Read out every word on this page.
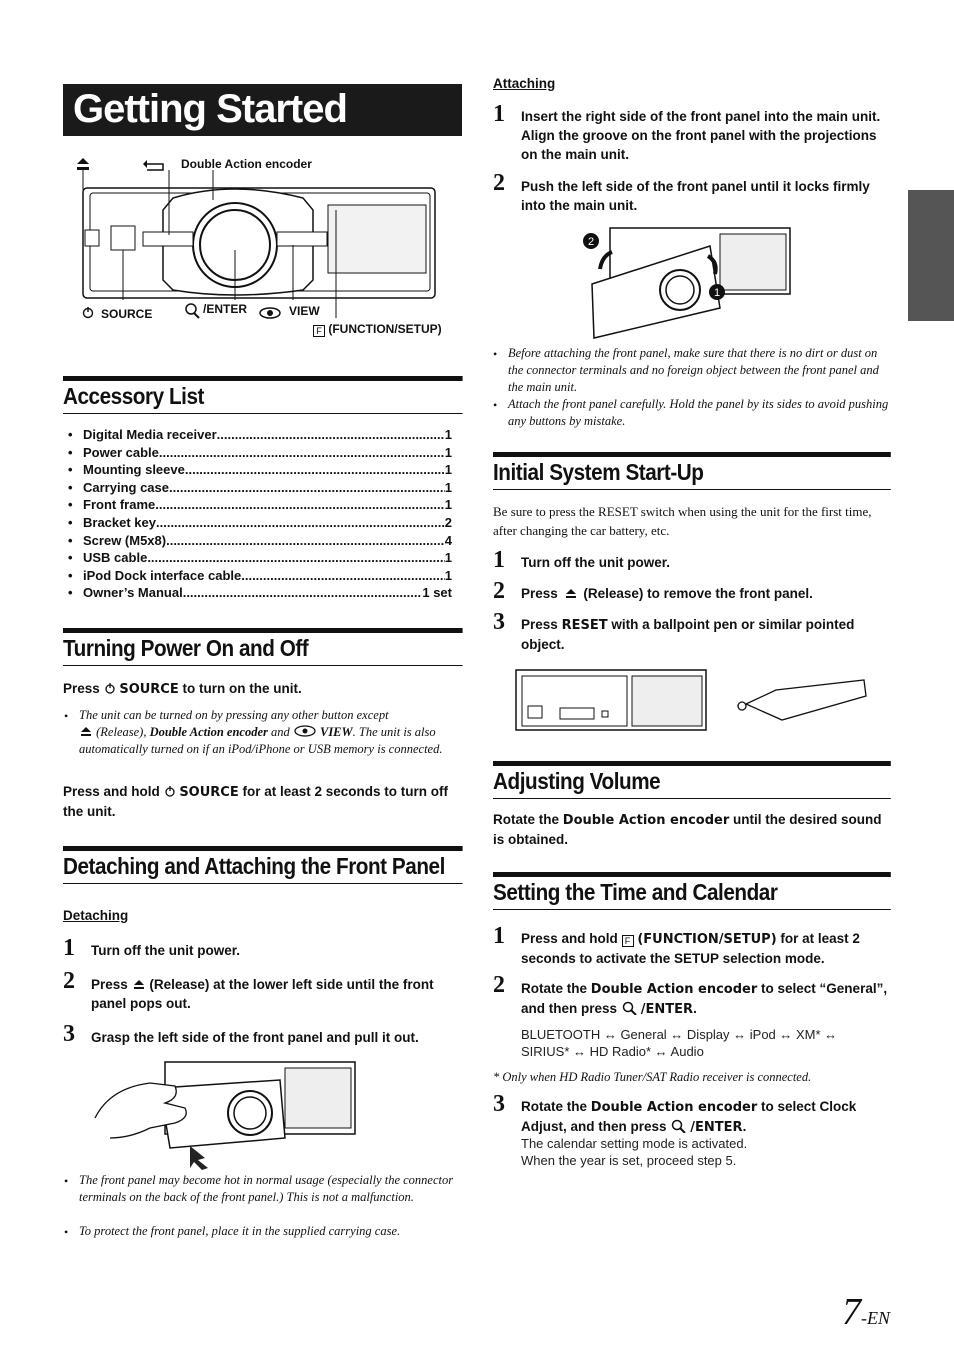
Getting Started
Double Action encoder
SOURCE	/ENTER	VIEW
F (FUNCTION/SETUP)
Accessory List
• Digital Media receiver .....	1
• Power cable .....	1
• Mounting sleeve .....	1
• Carrying case .....	1
• Front frame .....	1
• Bracket key .....	2
• Screw (M5x8) .....	4
• USB cable .....	1
• iPod Dock interface cable .....	1
• Owner’s Manual .....	1 set
Turning Power On and Off
Press SOURCE to turn on the unit.
• The unit can be turned on by pressing any other button except
(Release), Double Action encoder and VIEW. The unit is also automatically turned on if an iPod/iPhone or USB memory is connected.
Press and hold SOURCE for at least 2 seconds to turn off the unit.
Detaching and Attaching the Front Panel
Detaching
1 Turn off the unit power.
2 Press (Release) at the lower left side until the front panel pops out.
3 Grasp the left side of the front panel and pull it out.
• The front panel may become hot in normal usage (especially the connector terminals on the back of the front panel.) This is not a malfunction.
• To protect the front panel, place it in the supplied carrying case.
Attaching
1 Insert the right side of the front panel into the main unit. Align the groove on the front panel with the projections on the main unit.
2 Push the left side of the front panel until it locks firmly into the main unit.
2
1
• Before attaching the front panel, make sure that there is no dirt or dust on the connector terminals and no foreign object between the front panel and the main unit.
• Attach the front panel carefully. Hold the panel by its sides to avoid pushing any buttons by mistake.
Initial System Start-Up
Be sure to press the RESET switch when using the unit for the first time, after changing the car battery, etc.
1 Turn off the unit power.
2 Press (Release) to remove the front panel.
3 Press RESET with a ballpoint pen or similar pointed object.
Adjusting Volume
Rotate the Double Action encoder until the desired sound is obtained.
Setting the Time and Calendar
1 Press and hold F (FUNCTION/SETUP) for at least 2 seconds to activate the SETUP selection mode.
2 Rotate the Double Action encoder to select “General”, and then press /ENTER.
BLUETOOTH ↔ General ↔ Display ↔ iPod ↔ XM* ↔
SIRIUS* ↔ HD Radio* ↔ Audio
* Only when HD Radio Tuner/SAT Radio receiver is connected.
3 Rotate the Double Action encoder to select Clock Adjust, and then press /ENTER.
The calendar setting mode is activated.
When the year is set, proceed step 5.
7-EN
